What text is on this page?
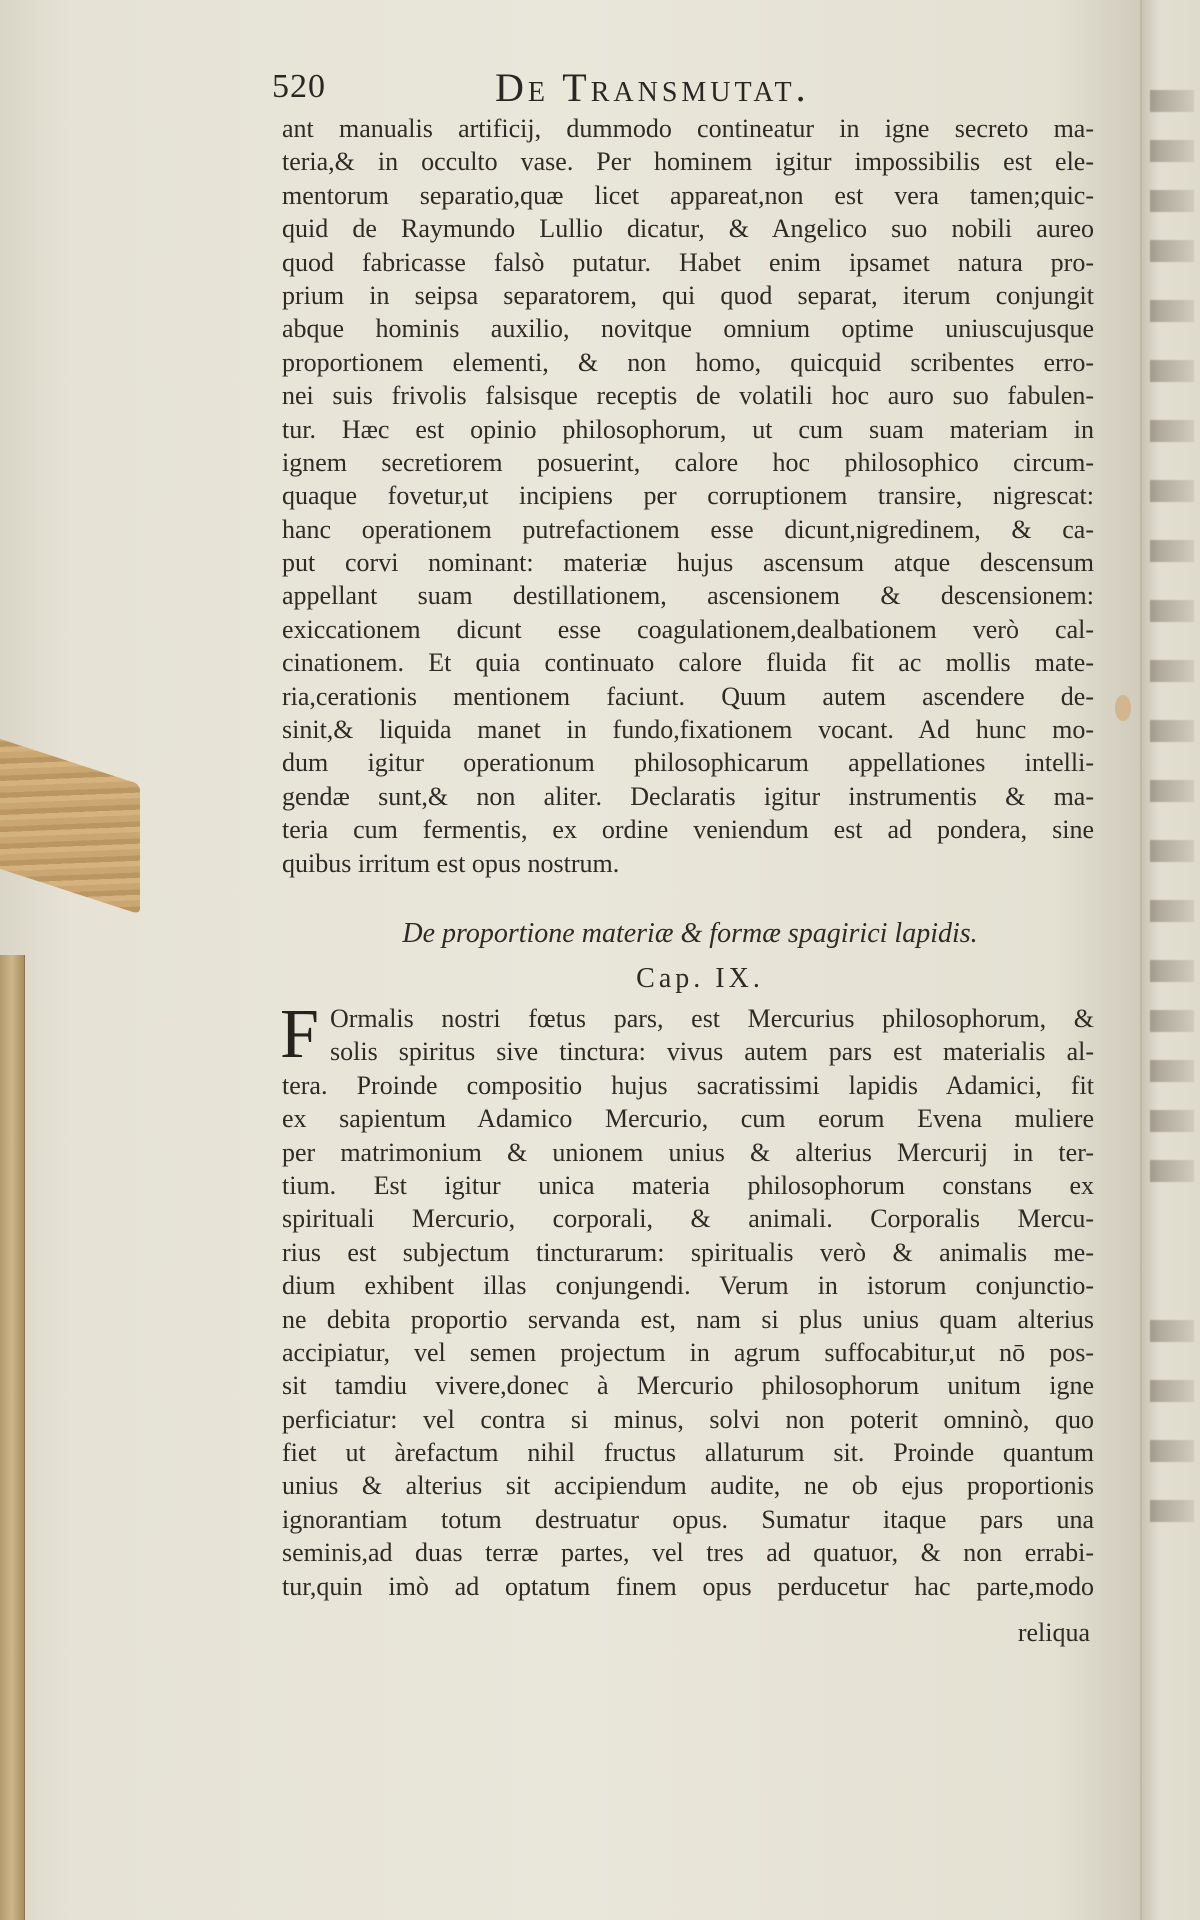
520	De Transmutat.
ant manualis artificij, dummodo contineatur in igne secreto ma-
teria,& in occulto vase. Per hominem igitur impossibilis est ele-
mentorum separatio,quæ licet appareat,non est vera tamen;quic-
quid de Raymundo Lullio dicatur, & Angelico suo nobili aureo
quod fabricasse falsò putatur. Habet enim ipsamet natura pro-
prium in seipsa separatorem, qui quod separat, iterum conjungit
abque hominis auxilio, novitque omnium optime uniuscujusque
proportionem elementi, & non homo, quicquid scribentes erro-
nei suis frivolis falsisque receptis de volatili hoc auro suo fabulen-
tur. Hæc est opinio philosophorum, ut cum suam materiam in
ignem secretiorem posuerint, calore hoc philosophico circum-
quaque fovetur,ut incipiens per corruptionem transire, nigrescat:
hanc operationem putrefactionem esse dicunt,nigredinem, & ca-
put corvi nominant: materiæ hujus ascensum atque descensum
appellant suam destillationem, ascensionem & descensionem:
exiccationem dicunt esse coagulationem,dealbationem verò cal-
cinationem. Et quia continuato calore fluida fit ac mollis mate-
ria,cerationis mentionem faciunt. Quum autem ascendere de-
sinit,& liquida manet in fundo,fixationem vocant. Ad hunc mo-
dum igitur operationum philosophicarum appellationes intelli-
gendæ sunt,& non aliter. Declaratis igitur instrumentis & ma-
teria cum fermentis, ex ordine veniendum est ad pondera, sine
quibus irritum est opus nostrum.
De proportione materiæ & formæ spagirici lapidis.
Cap. IX.
F Ormalis nostri fœtus pars, est Mercurius philosophorum, &
solis spiritus sive tinctura: vivus autem pars est materialis al-
tera. Proinde compositio hujus sacratissimi lapidis Adamici, fit
ex sapientum Adamico Mercurio, cum eorum Evena muliere
per matrimonium & unionem unius & alterius Mercurij in ter-
tium. Est igitur unica materia philosophorum constans ex
spirituali Mercurio, corporali, & animali. Corporalis Mercu-
rius est subjectum tincturarum: spiritualis verò & animalis me-
dium exhibent illas conjungendi. Verum in istorum conjunctio-
ne debita proportio servanda est, nam si plus unius quam alterius
accipiatur, vel semen projectum in agrum suffocabitur,ut nō pos-
sit tamdiu vivere,donec à Mercurio philosophorum unitum igne
perficiatur: vel contra si minus, solvi non poterit omninò, quo
fiet ut àrefactum nihil fructus allaturum sit. Proinde quantum
unius & alterius sit accipiendum audite, ne ob ejus proportionis
ignorantiam totum destruatur opus. Sumatur itaque pars una
seminis,ad duas terræ partes, vel tres ad quatuor, & non errabi-
tur,quin imò ad optatum finem opus perducetur hac parte,modo
reliqua
